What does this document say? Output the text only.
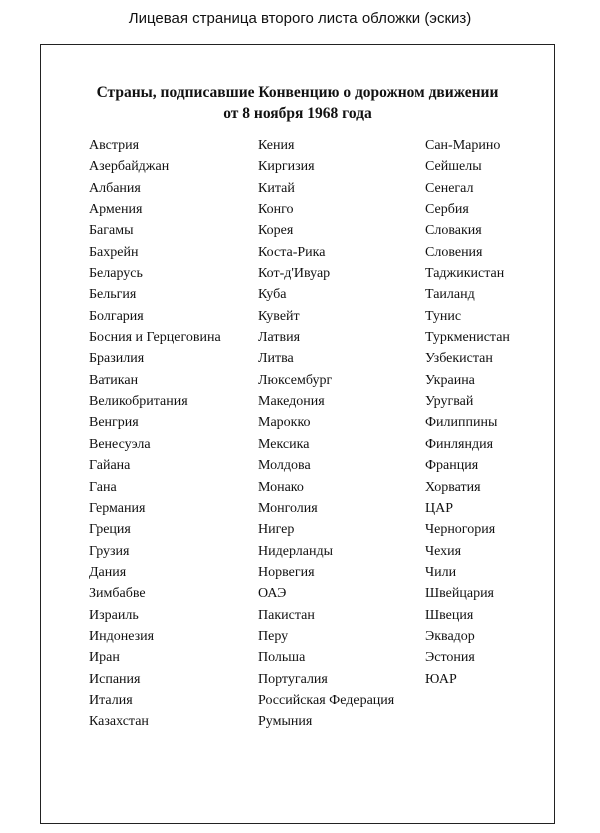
Лицевая страница второго листа обложки (эскиз)
Страны, подписавшие Конвенцию о дорожном движении
от 8 ноября 1968 года
Австрия
Азербайджан
Албания
Армения
Багамы
Бахрейн
Беларусь
Бельгия
Болгария
Босния и Герцеговина
Бразилия
Ватикан
Великобритания
Венгрия
Венесуэла
Гайана
Гана
Германия
Греция
Грузия
Дания
Зимбабве
Израиль
Индонезия
Иран
Испания
Италия
Казахстан
Кения
Киргизия
Китай
Конго
Корея
Коста-Рика
Кот-д'Ивуар
Куба
Кувейт
Латвия
Литва
Люксембург
Македония
Марокко
Мексика
Молдова
Монако
Монголия
Нигер
Нидерланды
Норвегия
ОАЭ
Пакистан
Перу
Польша
Португалия
Российская Федерация
Румыния
Сан-Марино
Сейшелы
Сенегал
Сербия
Словакия
Словения
Таджикистан
Таиланд
Тунис
Туркменистан
Узбекистан
Украина
Уругвай
Филиппины
Финляндия
Франция
Хорватия
ЦАР
Черногория
Чехия
Чили
Швейцария
Швеция
Эквадор
Эстония
ЮАР
